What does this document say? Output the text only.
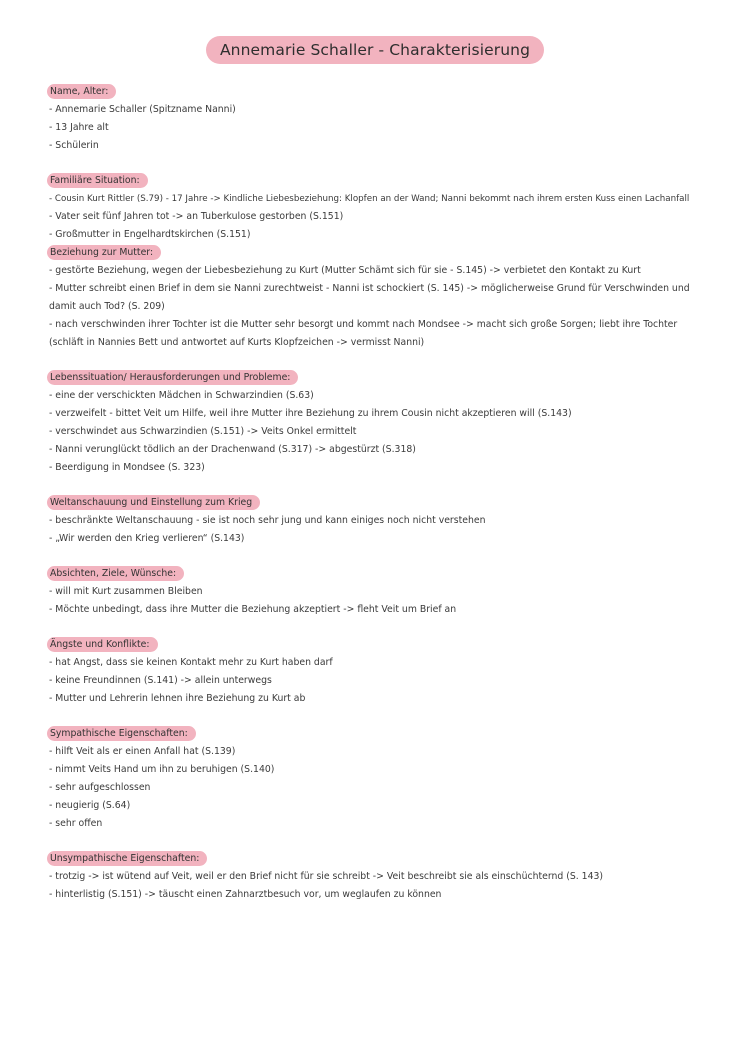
Annemarie Schaller - Charakterisierung
Name, Alter:
- Annemarie Schaller (Spitzname Nanni)
- 13 Jahre alt
- Schülerin
Familiäre Situation:
- Cousin Kurt Rittler (S.79) - 17 Jahre -> Kindliche Liebesbeziehung: Klopfen an der Wand; Nanni bekommt nach ihrem ersten Kuss einen Lachanfall
- Vater seit fünf Jahren tot -> an Tuberkulose gestorben (S.151)
- Großmutter in Engelhardtskirchen (S.151)
Beziehung zur Mutter:
- gestörte Beziehung, wegen der Liebesbeziehung zu Kurt (Mutter Schämt sich für sie - S.145) -> verbietet den Kontakt zu Kurt
- Mutter schreibt einen Brief in dem sie Nanni zurechtweist - Nanni ist schockiert (S. 145) -> möglicherweise Grund für Verschwinden und damit auch Tod? (S. 209)
- nach verschwinden ihrer Tochter ist die Mutter sehr besorgt und kommt nach Mondsee -> macht sich große Sorgen; liebt ihre Tochter (schläft in Nannies Bett und antwortet auf Kurts Klopfzeichen -> vermisst Nanni)
Lebenssituation/ Herausforderungen und Probleme:
- eine der verschickten Mädchen in Schwarzindien (S.63)
- verzweifelt - bittet Veit um Hilfe, weil ihre Mutter ihre Beziehung zu ihrem Cousin nicht akzeptieren will (S.143)
- verschwindet aus Schwarzindien (S.151) -> Veits Onkel ermittelt
- Nanni verunglückt tödlich an der Drachenwand (S.317) -> abgestürzt (S.318)
- Beerdigung in Mondsee (S. 323)
Weltanschauung und Einstellung zum Krieg
- beschränkte Weltanschauung - sie ist noch sehr jung und kann einiges noch nicht verstehen
- „Wir werden den Krieg verlieren“ (S.143)
Absichten, Ziele, Wünsche:
- will mit Kurt zusammen Bleiben
- Möchte unbedingt, dass ihre Mutter die Beziehung akzeptiert -> fleht Veit um Brief an
Ängste und Konflikte:
- hat Angst, dass sie keinen Kontakt mehr zu Kurt haben darf
- keine Freundinnen (S.141) -> allein unterwegs
- Mutter und Lehrerin lehnen ihre Beziehung zu Kurt ab
Sympathische Eigenschaften:
- hilft Veit als er einen Anfall hat (S.139)
- nimmt Veits Hand um ihn zu beruhigen (S.140)
- sehr aufgeschlossen
- neugierig (S.64)
- sehr offen
Unsympathische Eigenschaften:
- trotzig -> ist wütend auf Veit, weil er den Brief nicht für sie schreibt -> Veit beschreibt sie als einschüchternd (S. 143)
- hinterlistig (S.151) -> täuscht einen Zahnarztbesuch vor, um weglaufen zu können
